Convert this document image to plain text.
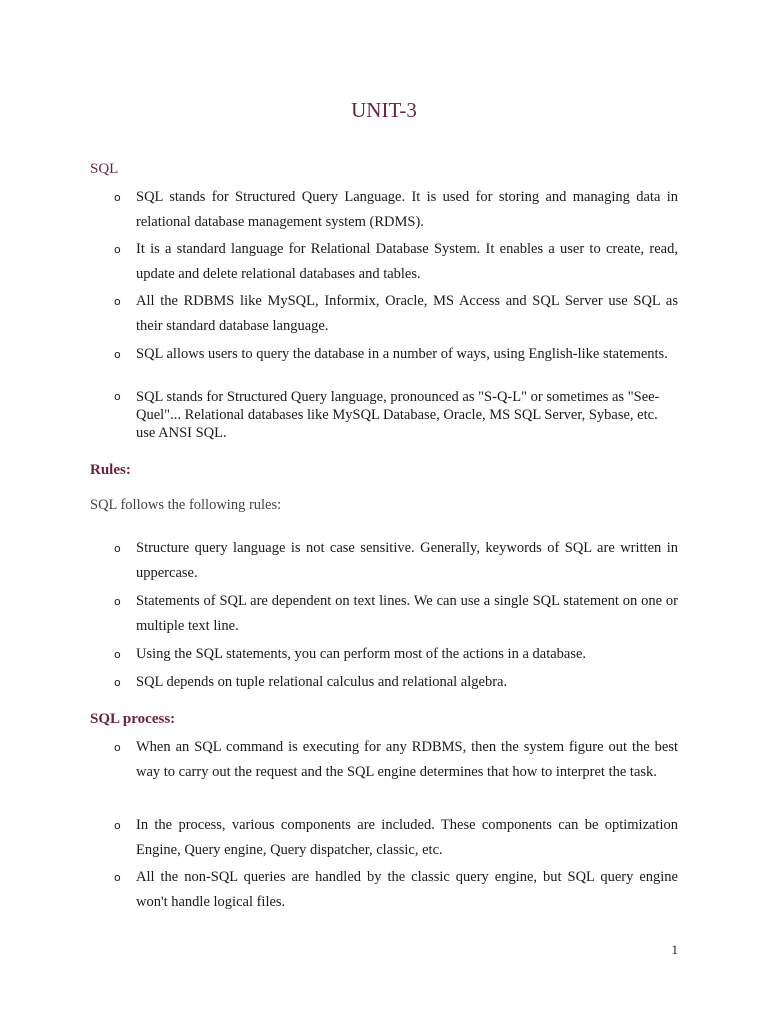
UNIT-3

SQL

o SQL stands for Structured Query Language. It is used for storing and managing data in relational database management system (RDMS).
o It is a standard language for Relational Database System. It enables a user to create, read, update and delete relational databases and tables.
o All the RDBMS like MySQL, Informix, Oracle, MS Access and SQL Server use SQL as their standard database language.
o SQL allows users to query the database in a number of ways, using English-like statements.
o SQL stands for Structured Query language, pronounced as "S-Q-L" or sometimes as "See-Quel"... Relational databases like MySQL Database, Oracle, MS SQL Server, Sybase, etc. use ANSI SQL.

Rules:

SQL follows the following rules:

o Structure query language is not case sensitive. Generally, keywords of SQL are written in uppercase.
o Statements of SQL are dependent on text lines. We can use a single SQL statement on one or multiple text line.
o Using the SQL statements, you can perform most of the actions in a database.
o SQL depends on tuple relational calculus and relational algebra.

SQL process:

o When an SQL command is executing for any RDBMS, then the system figure out the best way to carry out the request and the SQL engine determines that how to interpret the task.
o In the process, various components are included. These components can be optimization Engine, Query engine, Query dispatcher, classic, etc.
o All the non-SQL queries are handled by the classic query engine, but SQL query engine won't handle logical files.

1
